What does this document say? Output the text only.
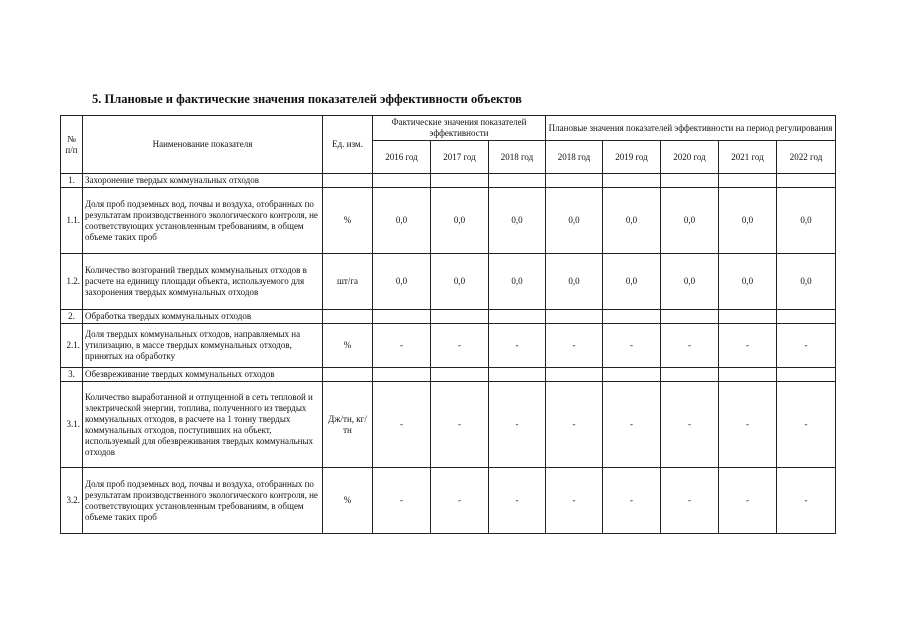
5. Плановые и фактические значения показателей эффективности объектов
№ п/п	Наименование показателя	Ед. изм.	Фактические значения показателей эффективности			Плановые значения показателей эффективности на период регулирования				
			2016 год	2017 год	2018 год	2018 год	2019 год	2020 год	2021 год	2022 год
1.	Захоронение твердых коммунальных отходов									
1.1.	Доля проб подземных вод, почвы и воздуха, отобранных по результатам производственного экологического контроля, не соответствующих установленным требованиям, в общем объеме таких проб	%	0,0	0,0	0,0	0,0	0,0	0,0	0,0	0,0
1.2.	Количество возгораний твердых коммунальных отходов в расчете на единицу площади объекта, используемого для захоронения твердых коммунальных отходов	шт/га	0,0	0,0	0,0	0,0	0,0	0,0	0,0	0,0
2.	Обработка твердых коммунальных отходов									
2.1.	Доля твердых коммунальных отходов, направляемых на утилизацию, в массе твердых коммунальных отходов, принятых на обработку	%	-	-	-	-	-	-	-	-
3.	Обезвреживание твердых коммунальных отходов									
3.1.	Количество выработанной и отпущенной в сеть тепловой и электрической энергии, топлива, полученного из твердых коммунальных отходов, в расчете на 1 тонну твердых коммунальных отходов, поступивших на объект, используемый для обезвреживания твердых коммунальных отходов	Дж/тн, кг/тн	-	-	-	-	-	-	-	-
3.2.	Доля проб подземных вод, почвы и воздуха, отобранных по результатам производственного экологического контроля, не соответствующих установленным требованиям, в общем объеме таких проб	%	-	-	-	-	-	-	-	-
